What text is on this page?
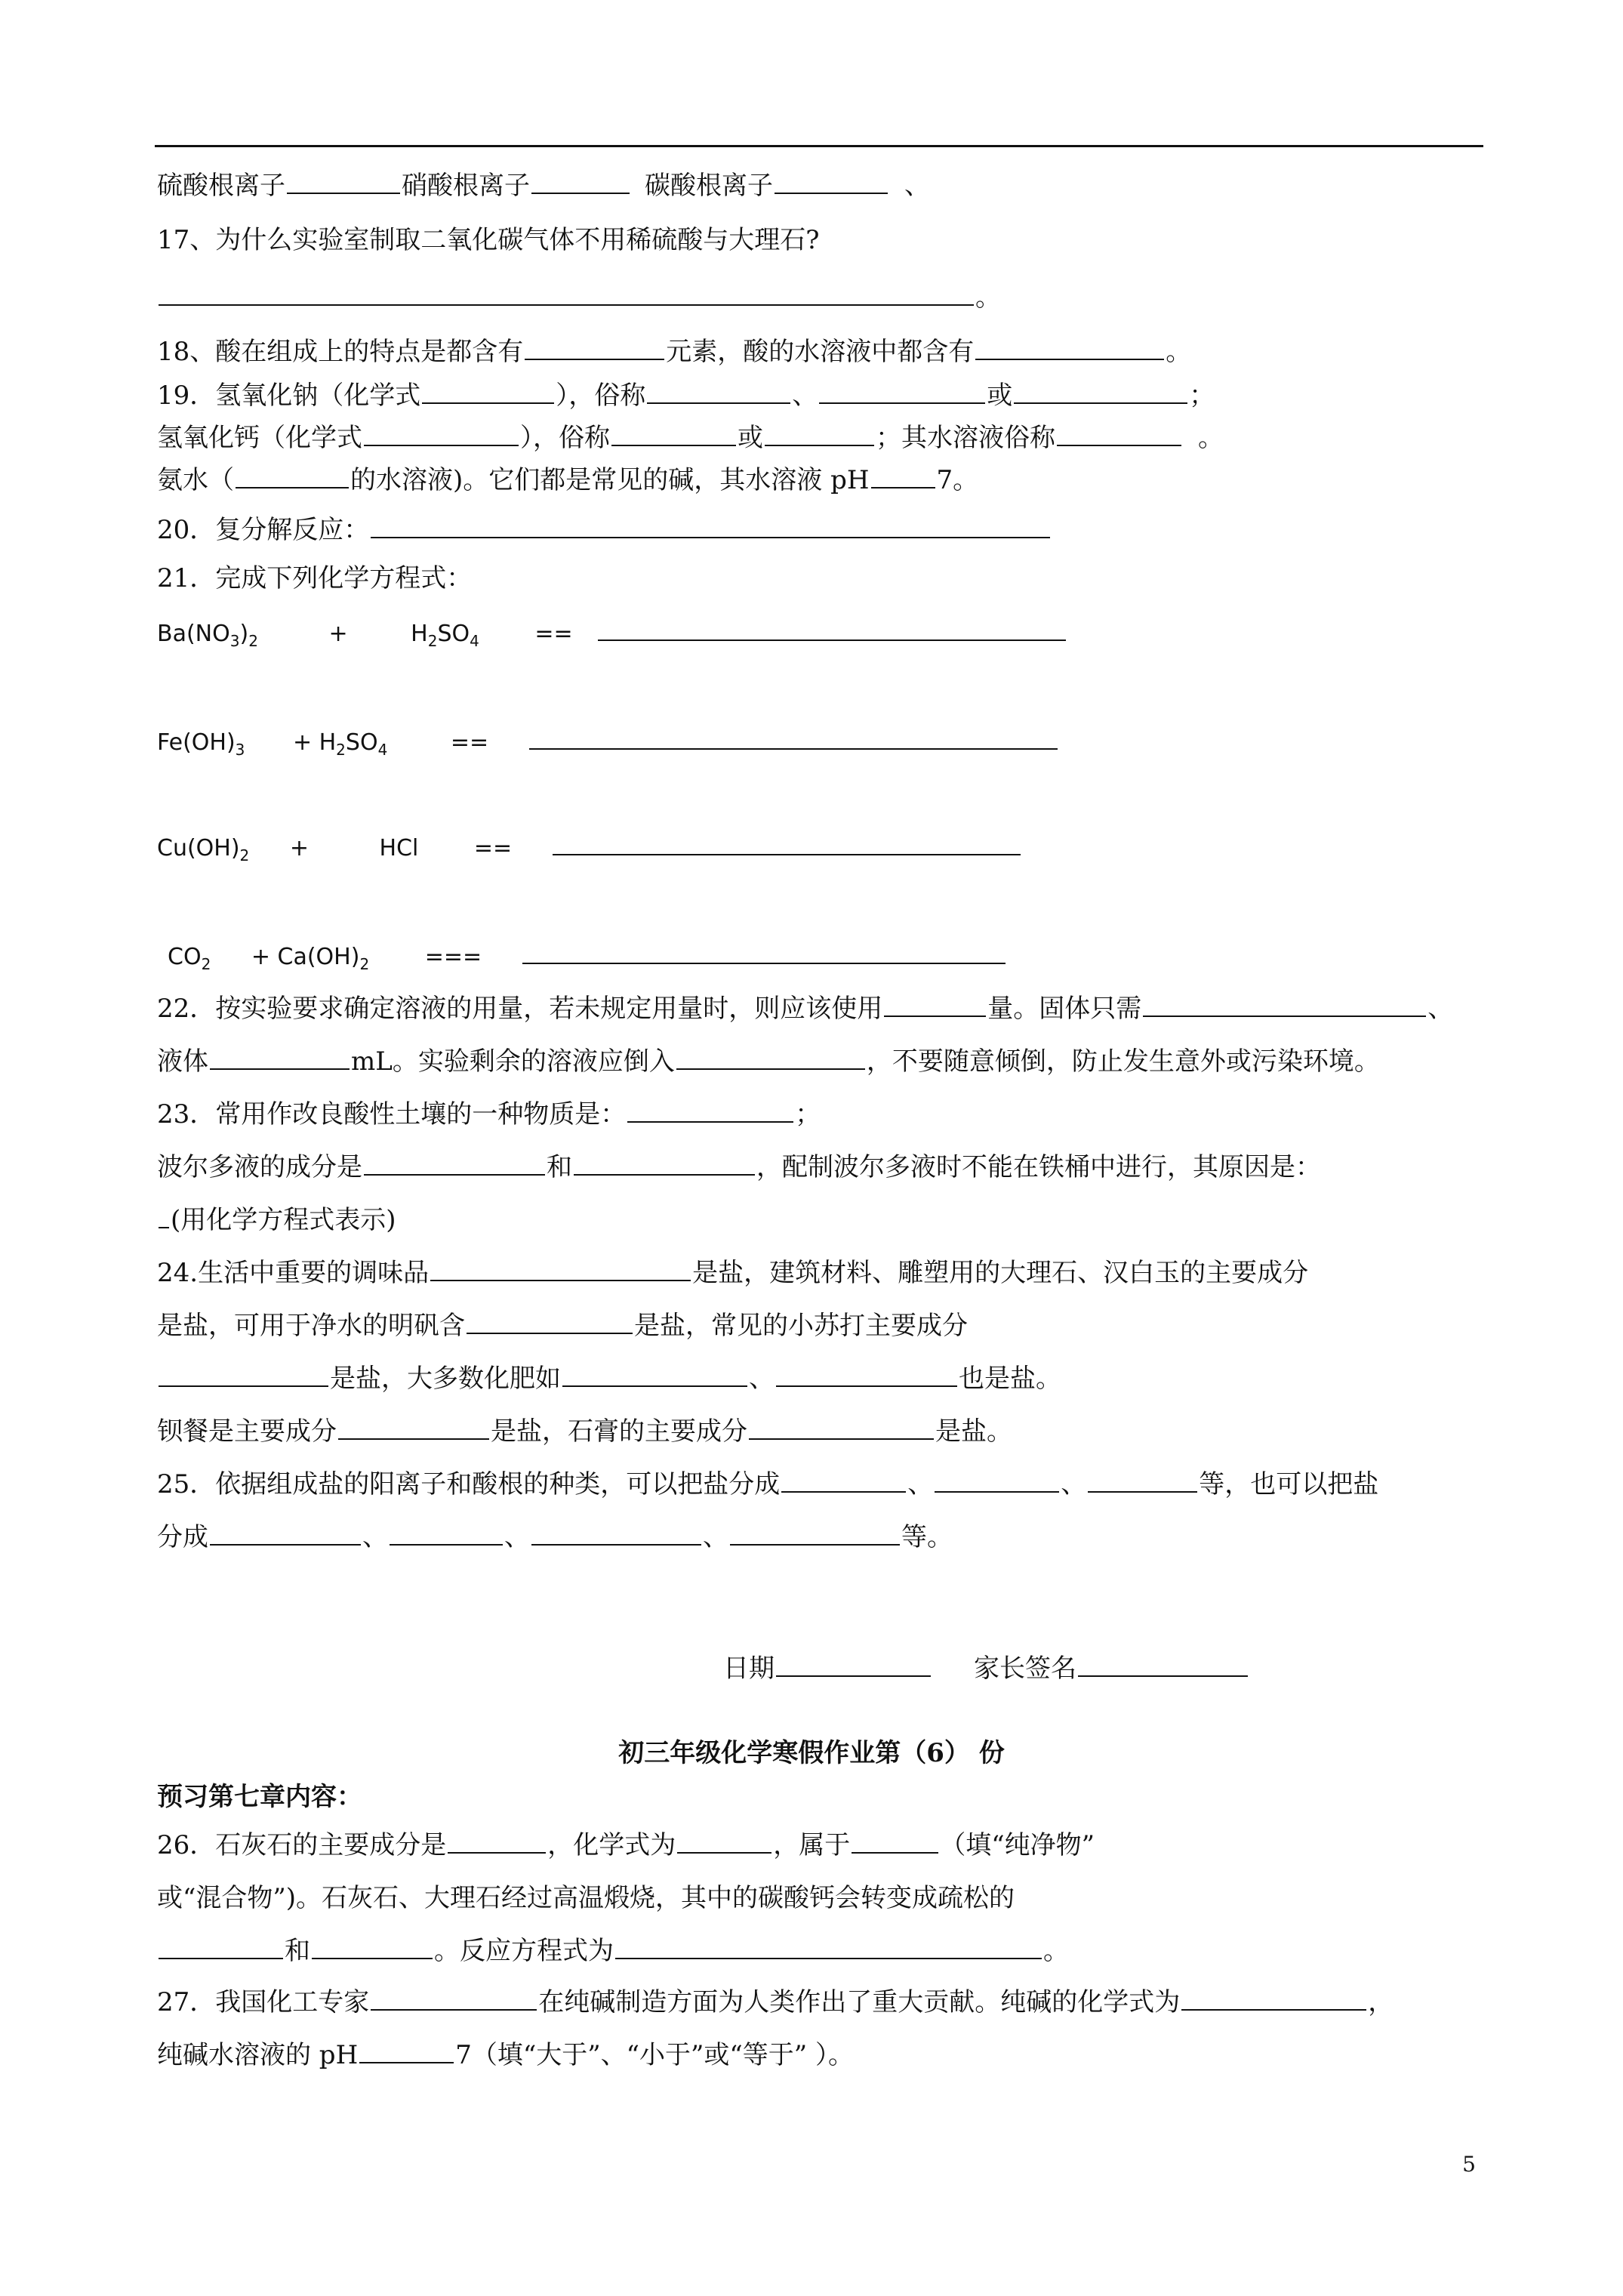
硫酸根离子	硝酸根离子	碳酸根离子	、
17、为什么实验室制取二氧化碳气体不用稀硫酸与大理石?
。
18、酸在组成上的特点是都含有	元素，酸的水溶液中都含有	。
19．氢氧化钠（化学式	），俗称	、	或	；
氢氧化钙（化学式	），俗称	或	；其水溶液俗称	。
氨水（	的水溶液)。它们都是常见的碱，其水溶液 pH	7。
20．复分解反应：
21．完成下列化学方程式：
$Ba(NO_3)_2$	+	$H_2SO_4$ ==
$Fe(OH)_3 + H_2SO_4$	==
$Cu(OH)_2$ +	HCl ==
$CO_2 + Ca(OH)_2$ ===
22．按实验要求确定溶液的用量，若未规定用量时，则应该使用	量。固体只需	、
液体	mL。实验剩余的溶液应倒入	，不要随意倾倒，防止发生意外或污染环境。
23．常用作改良酸性土壤的一种物质是：	；
波尔多液的成分是	和	，配制波尔多液时不能在铁桶中进行，其原因是：
(用化学方程式表示)
24.生活中重要的调味品	是盐，建筑材料、雕塑用的大理石、汉白玉的主要成分
是盐，可用于净水的明矾含	是盐，常见的小苏打主要成分
是盐，大多数化肥如	、	也是盐。
钡餐是主要成分	是盐，石膏的主要成分	是盐。
25．依据组成盐的阳离子和酸根的种类，可以把盐分成	、	、	等，也可以把盐
分成	、	、	、	等。
日期	家长签名
初三年级化学寒假作业第（6） 份
预习第七章内容：
26．石灰石的主要成分是	，化学式为	，属于	（填“纯净物”
或“混合物”)。石灰石、大理石经过高温煅烧，其中的碳酸钙会转变成疏松的
和	。反应方程式为	。
27．我国化工专家	在纯碱制造方面为人类作出了重大贡献。纯碱的化学式为	，
纯碱水溶液的 pH	7（填“大于”、“小于”或“等于” ）。
5
